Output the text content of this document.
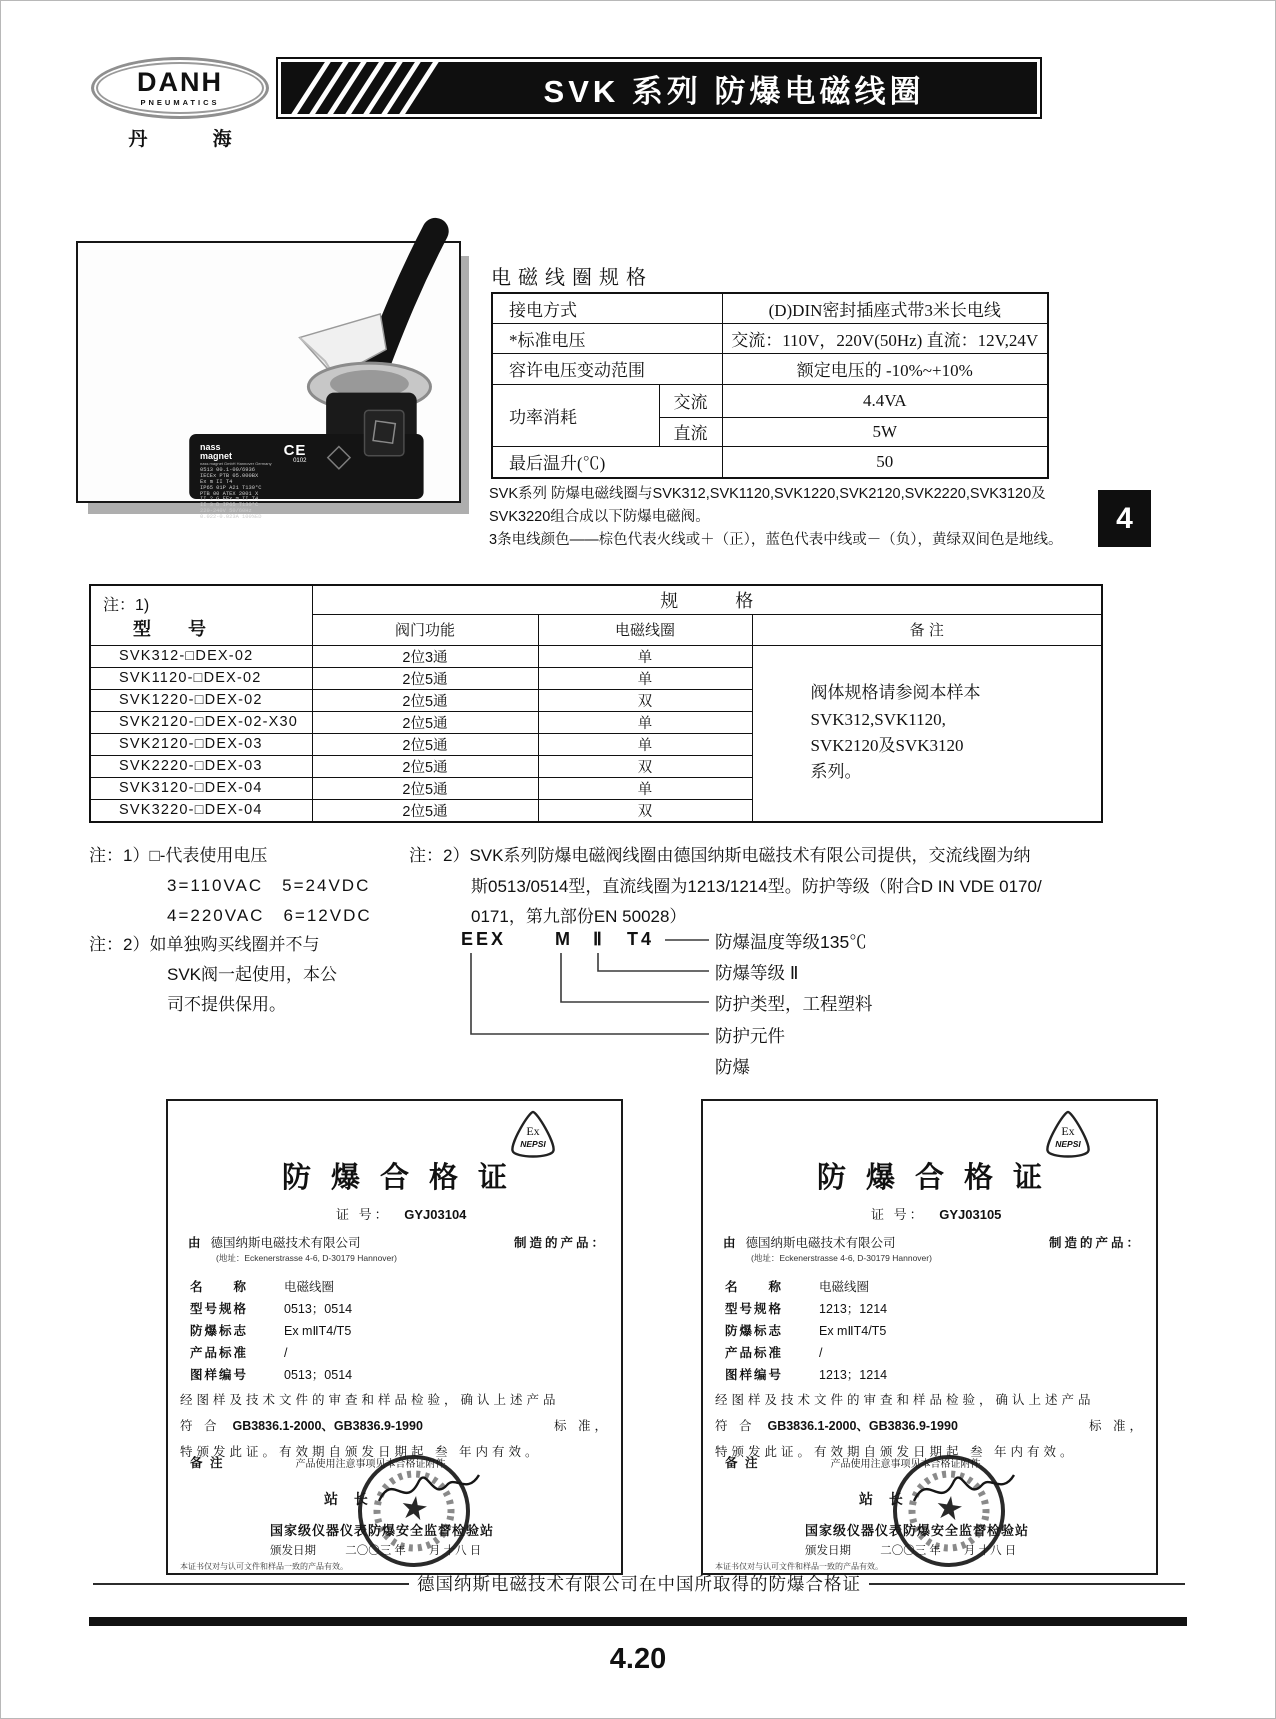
DANH
PNEUMATICS
丹 海
SVK 系列 防爆电磁线圈
nass
magnet
nass magnet GmbH Hannover Germany
CE
0102
0513 00.1-00/6936
IECEx PTB 05.000BX
Ex m II T4
IP65 01P A21 T130°C
PTB 00 ATEX 2001 X
II 2 G EEx m II T4
II 3 D IP65 T130°C
220-240V 50/60Hz
0.022-0.023A 100%ED
电磁线圈规格
接电方式		(D)DIN密封插座式带3米长电线
*标准电压		交流：110V，220V(50Hz) 直流：12V,24V
容许电压变动范围		额定电压的 -10%~+10%
功率消耗	交流	4.4VA
	直流	5W
最后温升(℃)		50
SVK系列 防爆电磁线圈与SVK312,SVK1120,SVK1220,SVK2120,SVK2220,SVK3120及
SVK3220组合成以下防爆电磁阀。
3条电线颜色——棕色代表火线或＋（正），蓝色代表中线或－（负），黄绿双间色是地线。
4
注：1)
型 号	规 格		
	阀门功能	电磁线圈	备 注
SVK312-□DEX-02	2位3通	单	阀体规格请参阅本样本
SVK312,SVK1120,
SVK2120及SVK3120
系列。

SVK1120-□DEX-02	2位5通	单	
SVK1220-□DEX-02	2位5通	双	
SVK2120-□DEX-02-X30	2位5通	单	
SVK2120-□DEX-03	2位5通	单	
SVK2220-□DEX-03	2位5通	双	
SVK3120-□DEX-04	2位5通	单	
SVK3220-□DEX-04	2位5通	双	
注：1）□-代表使用电压
3=110VAC　5=24VDC
4=220VAC　6=12VDC
注：2）如单独购买线圈并不与
SVK阀一起使用，本公
司不提供保用。
注：2）SVK系列防爆电磁阀线圈由德国纳斯电磁技术有限公司提供，交流线圈为纳
斯0513/0514型，直流线圈为1213/1214型。防护等级（附合D IN VDE 0170/
0171，第九部份EN 50028）
EEX	M Ⅱ T4	防爆温度等级135℃
防爆等级 Ⅱ
防护类型，工程塑料
防护元件
防爆
Ex
NEPSI
防爆合格证
证 号： GYJ03104
由 德国纳斯电磁技术有限公司	制造的产品：
(地址：Eckenerstrasse 4-6, D-30179 Hannover)
名　　称	电磁线圈
型号规格	0513；0514
防爆标志	Ex mⅡT4/T5
产品标准	/
图样编号	0513；0514
经图样及技术文件的审查和样品检验，确认上述产品
符 合 GB3836.1-2000、GB3836.9-1990	标 准，
特颁发此证。有效期自颁发日期起 叁 年内有效。
备 注	产品使用注意事项见本合格证附件
站 长 ★
国家级仪器仪表防爆安全监督检验站
颁发日期	二〇〇三 年　　月 十八 日
本证书仅对与认可文件和样品一致的产品有效。
Ex
NEPSI
防爆合格证
证 号： GYJ03105
由 德国纳斯电磁技术有限公司	制造的产品：
(地址：Eckenerstrasse 4-6, D-30179 Hannover)
名　　称	电磁线圈
型号规格	1213；1214
防爆标志	Ex mⅡT4/T5
产品标准	/
图样编号	1213；1214
经图样及技术文件的审查和样品检验，确认上述产品
符 合 GB3836.1-2000、GB3836.9-1990	标 准，
特颁发此证。有效期自颁发日期起 叁 年内有效。
备 注	产品使用注意事项见本合格证附件
站 长 ★
国家级仪器仪表防爆安全监督检验站
颁发日期	二〇〇三 年　　月 十八 日
本证书仅对与认可文件和样品一致的产品有效。
德国纳斯电磁技术有限公司在中国所取得的防爆合格证
4.20
